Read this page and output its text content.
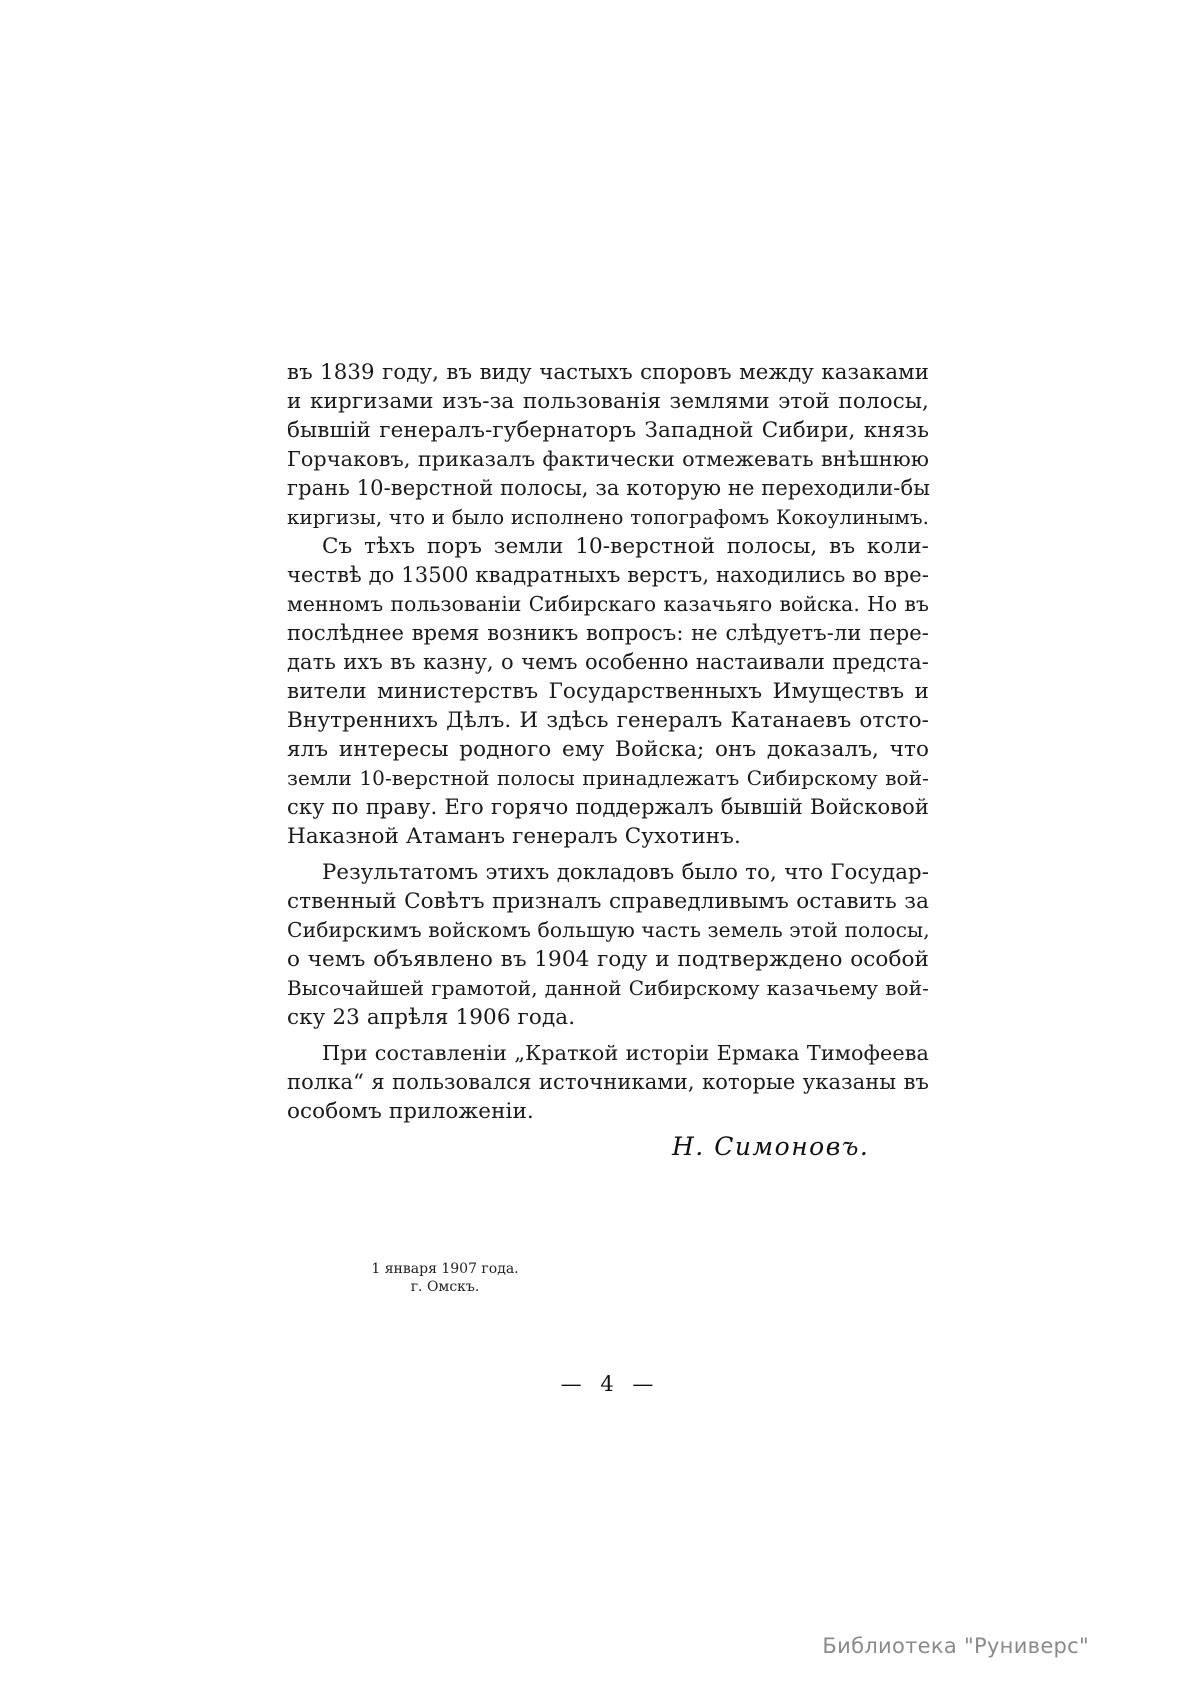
въ 1839 году, въ виду частыхъ споровъ между казаками
и киргизами изъ-за пользованія землями этой полосы,
бывшій генералъ-губернаторъ Западной Сибири, князь
Горчаковъ, приказалъ фактически отмежевать внѣшнюю
грань 10-верстной полосы, за которую не переходили-бы
киргизы, что и было исполнено топографомъ Кокоулинымъ.
Съ тѣхъ поръ земли 10-верстной полосы, въ коли-
чествѣ до 13500 квадратныхъ верстъ, находились во вре-
менномъ пользованіи Сибирскаго казачьяго войска. Но въ
послѣднее время возникъ вопросъ: не слѣдуетъ-ли пере-
дать ихъ въ казну, о чемъ особенно настаивали предста-
вители министерствъ Государственныхъ Имуществъ и
Внутреннихъ Дѣлъ. И здѣсь генералъ Катанаевъ отсто-
ялъ интересы родного ему Войска; онъ доказалъ, что
земли 10-верстной полосы принадлежатъ Сибирскому вой-
ску по праву. Его горячо поддержалъ бывшій Войсковой
Наказной Атаманъ генералъ Сухотинъ.
Результатомъ этихъ докладовъ было то, что Государ-
ственный Совѣтъ призналъ справедливымъ оставить за
Сибирскимъ войскомъ большую часть земель этой полосы,
о чемъ объявлено въ 1904 году и подтверждено особой
Высочайшей грамотой, данной Сибирскому казачьему вой-
ску 23 апрѣля 1906 года.
При составленіи „Краткой исторіи Ермака Тимофеева
полка“ я пользовался источниками, которые указаны въ
особомъ приложеніи.
Н. Симоновъ.
1 января 1907 года.
г. Омскъ.
— 4 —
Библиотека "Руниверс"
